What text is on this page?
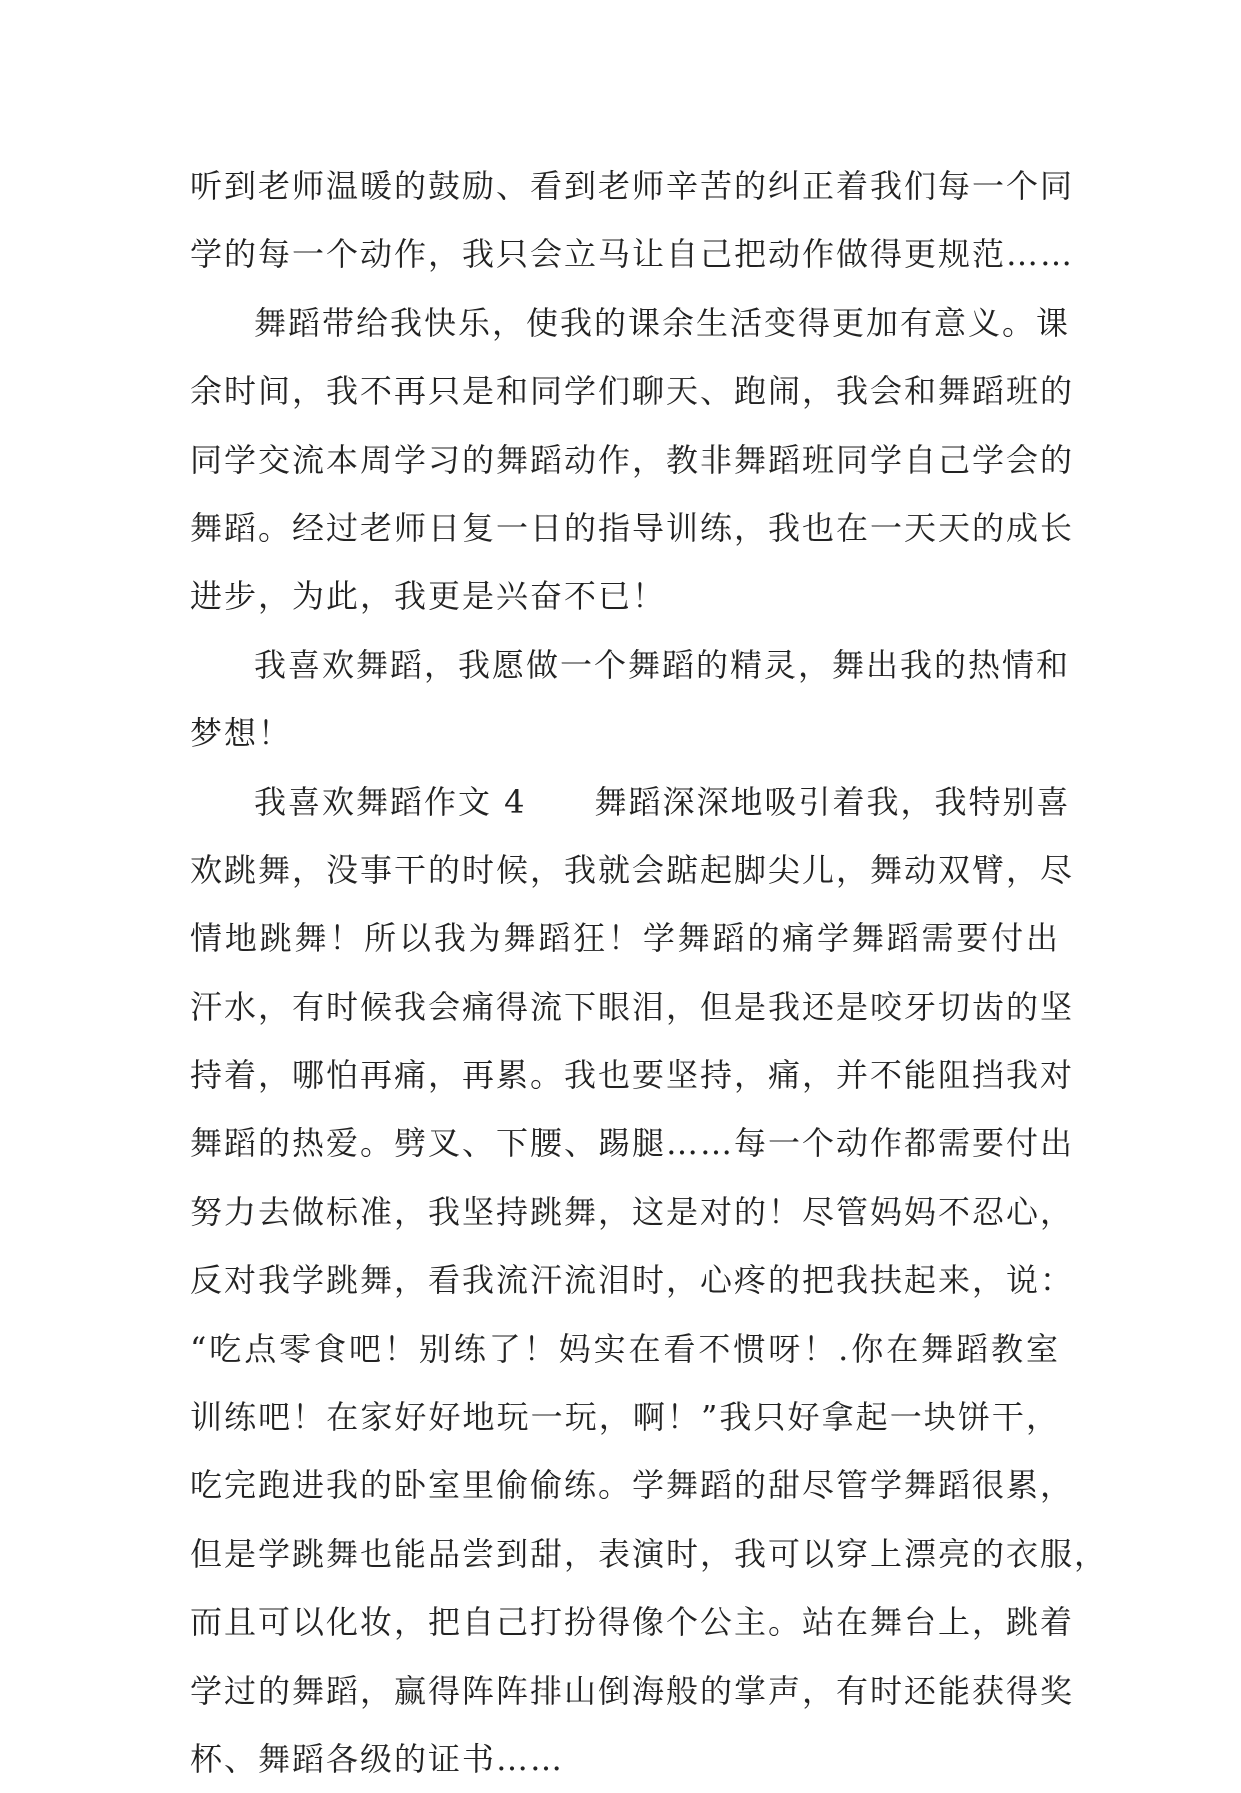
听到老师温暖的鼓励、看到老师辛苦的纠正着我们每一个同
学的每一个动作，我只会立马让自己把动作做得更规范……
舞蹈带给我快乐，使我的课余生活变得更加有意义。课
余时间，我不再只是和同学们聊天、跑闹，我会和舞蹈班的
同学交流本周学习的舞蹈动作，教非舞蹈班同学自己学会的
舞蹈。经过老师日复一日的指导训练，我也在一天天的成长
进步，为此，我更是兴奋不已！
我喜欢舞蹈，我愿做一个舞蹈的精灵，舞出我的热情和
梦想！
我喜欢舞蹈作文 4　　舞蹈深深地吸引着我，我特别喜
欢跳舞，没事干的时候，我就会踮起脚尖儿，舞动双臂，尽
情地跳舞！所以我为舞蹈狂！学舞蹈的痛学舞蹈需要付出
汗水，有时候我会痛得流下眼泪，但是我还是咬牙切齿的坚
持着，哪怕再痛，再累。我也要坚持，痛，并不能阻挡我对
舞蹈的热爱。劈叉、下腰、踢腿……每一个动作都需要付出
努力去做标准，我坚持跳舞，这是对的！尽管妈妈不忍心，
反对我学跳舞，看我流汗流泪时，心疼的把我扶起来，说：
“吃点零食吧！别练了！妈实在看不惯呀！.你在舞蹈教室
训练吧！在家好好地玩一玩，啊！”我只好拿起一块饼干，
吃完跑进我的卧室里偷偷练。学舞蹈的甜尽管学舞蹈很累，
但是学跳舞也能品尝到甜，表演时，我可以穿上漂亮的衣服，
而且可以化妆，把自己打扮得像个公主。站在舞台上，跳着
学过的舞蹈，赢得阵阵排山倒海般的掌声，有时还能获得奖
杯、舞蹈各级的证书……
